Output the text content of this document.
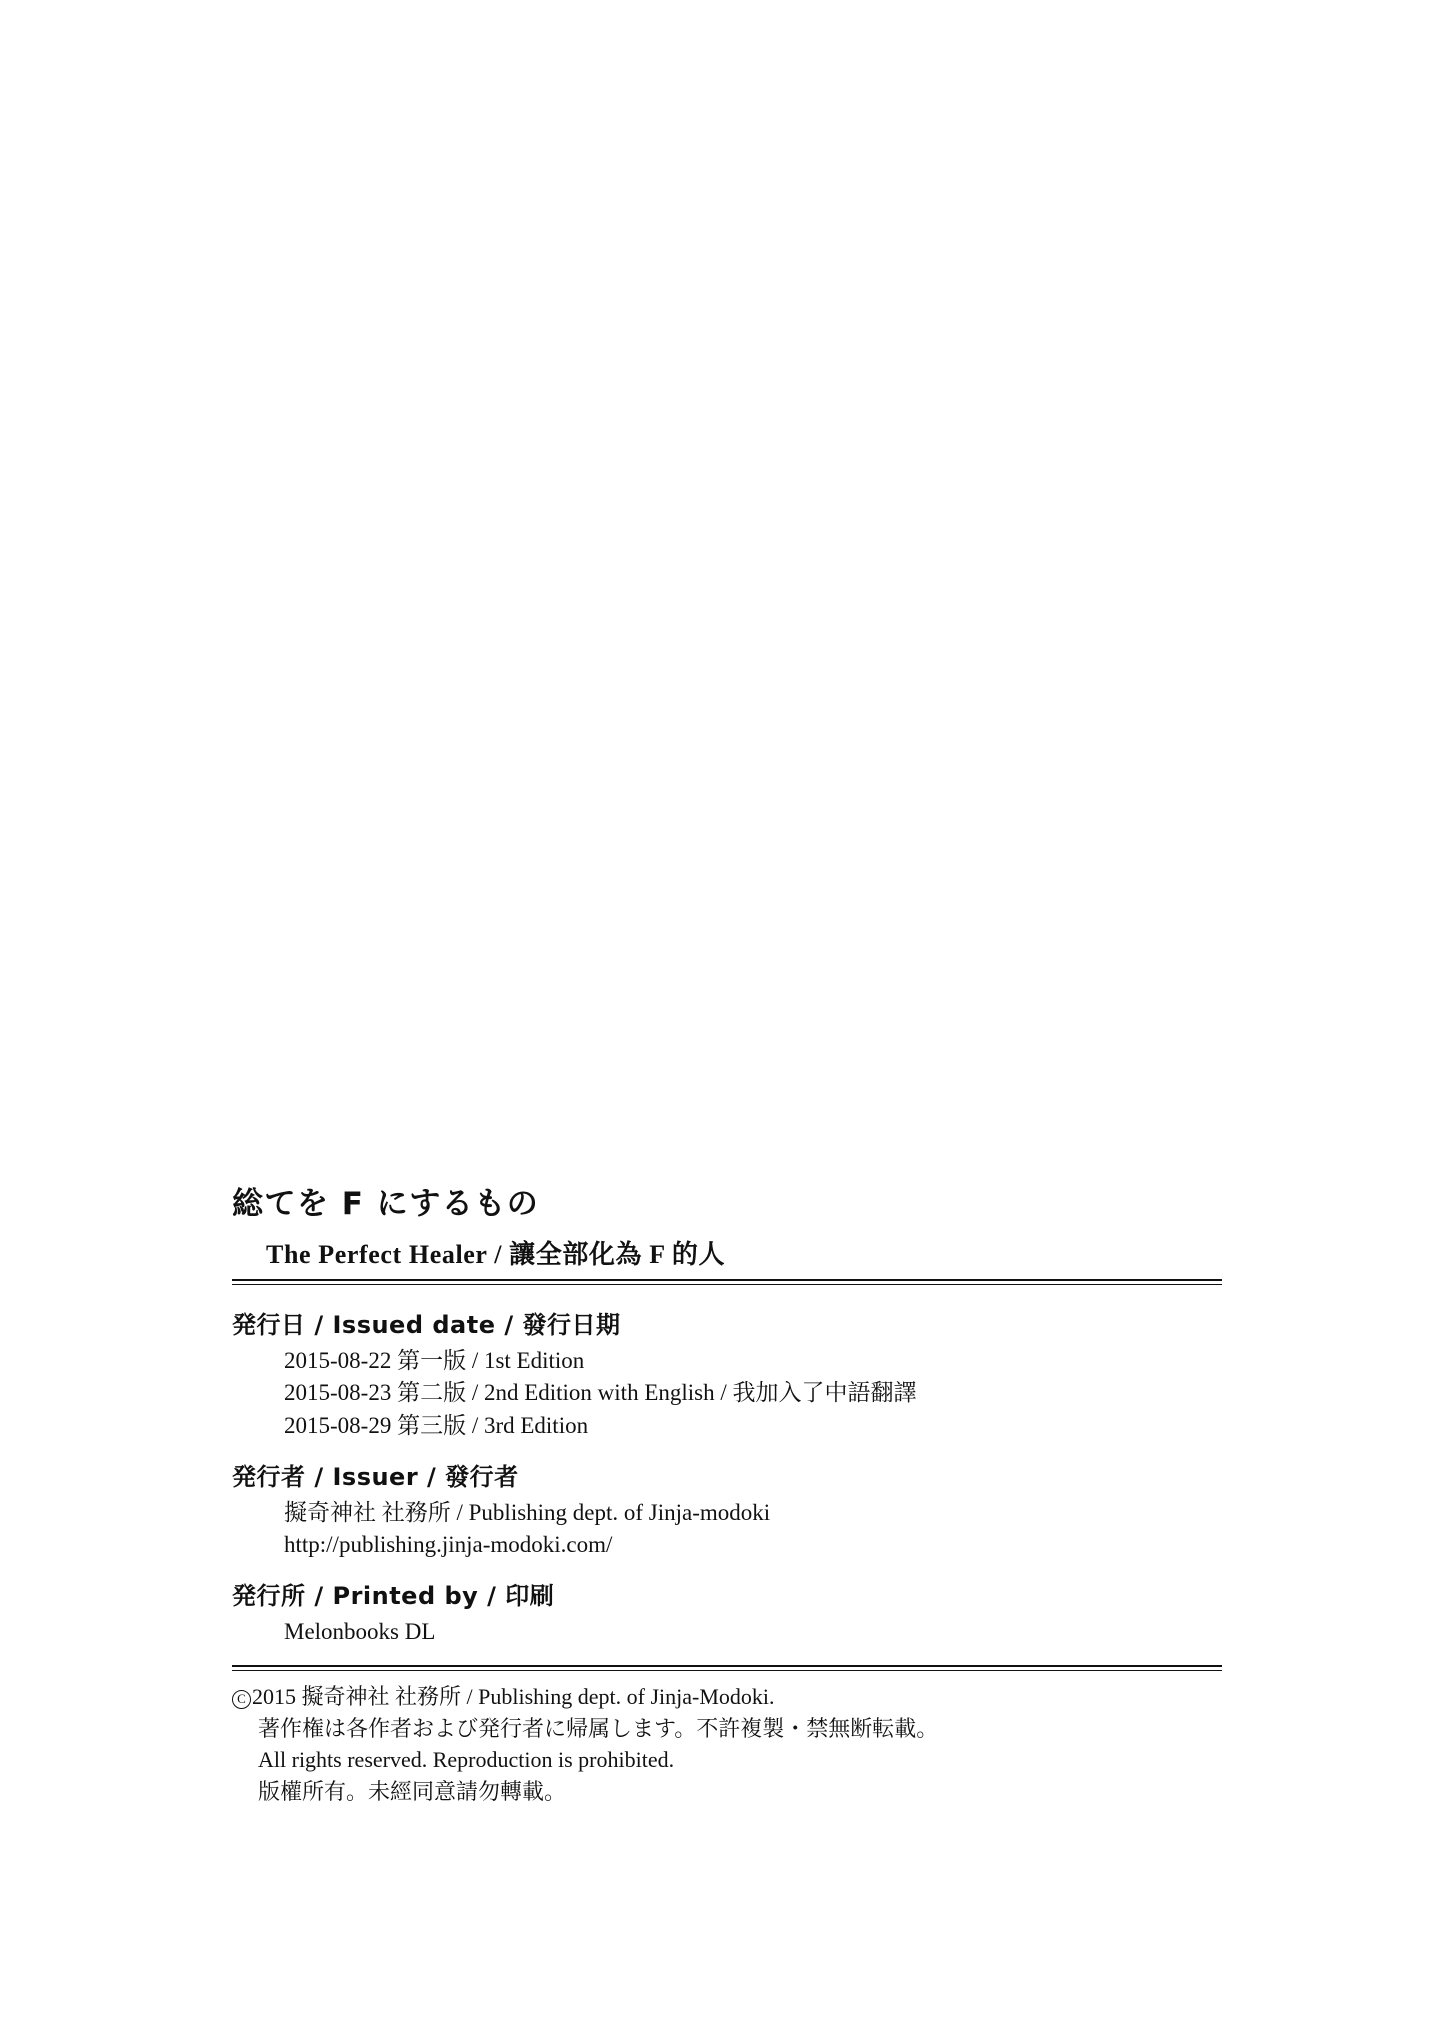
総てを F にするもの
The Perfect Healer / 讓全部化為 F 的人
発行日 / Issued date / 發行日期
2015-08-22 第一版 / 1st Edition
2015-08-23 第二版 / 2nd Edition with English / 我加入了中語翻譯
2015-08-29 第三版 / 3rd Edition
発行者 / Issuer / 發行者
擬奇神社 社務所 / Publishing dept. of Jinja-modoki
http://publishing.jinja-modoki.com/
発行所 / Printed by / 印刷
Melonbooks DL
C 2015 擬奇神社 社務所 / Publishing dept. of Jinja-Modoki.
著作権は各作者および発行者に帰属します。不許複製・禁無断転載。
All rights reserved. Reproduction is prohibited.
版權所有。未經同意請勿轉載。
